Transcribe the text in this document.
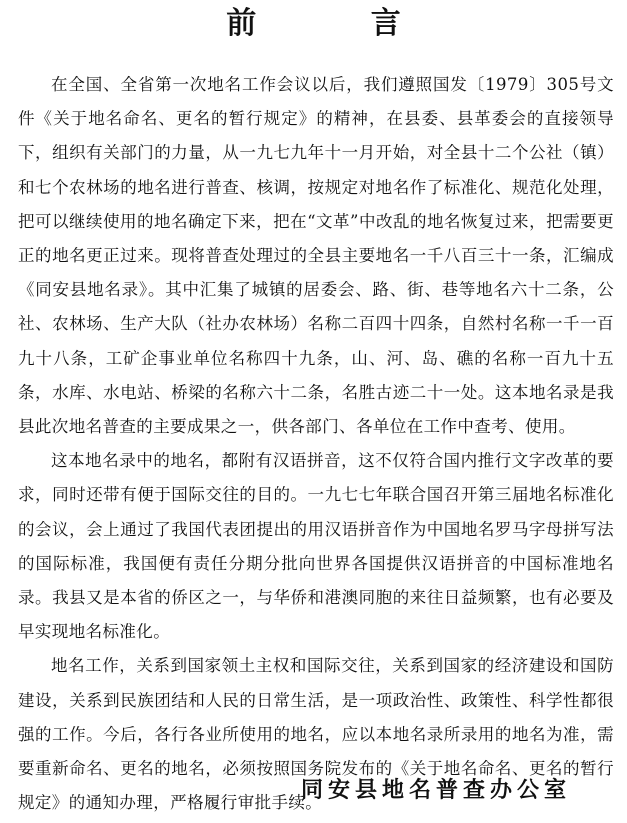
前 言

在全国、全省第一次地名工作会议以后，我们遵照国发〔1979〕305号文件《关于地名命名、更名的暂行规定》的精神，在县委、县革委会的直接领导下，组织有关部门的力量，从一九七九年十一月开始，对全县十二个公社（镇）和七个农林场的地名进行普查、核调，按规定对地名作了标准化、规范化处理，把可以继续使用的地名确定下来，把在“文革”中改乱的地名恢复过来，把需要更正的地名更正过来。现将普查处理过的全县主要地名一千八百三十一条，汇编成《同安县地名录》。其中汇集了城镇的居委会、路、街、巷等地名六十二条，公社、农林场、生产大队（社办农林场）名称二百四十四条，自然村名称一千一百九十八条，工矿企事业单位名称四十九条，山、河、岛、礁的名称一百九十五条，水库、水电站、桥梁的名称六十二条，名胜古迹二十一处。这本地名录是我县此次地名普查的主要成果之一，供各部门、各单位在工作中查考、使用。

这本地名录中的地名，都附有汉语拼音，这不仅符合国内推行文字改革的要求，同时还带有便于国际交往的目的。一九七七年联合国召开第三届地名标准化的会议，会上通过了我国代表团提出的用汉语拼音作为中国地名罗马字母拼写法的国际标准，我国便有责任分期分批向世界各国提供汉语拼音的中国标准地名录。我县又是本省的侨区之一，与华侨和港澳同胞的来往日益频繁，也有必要及早实现地名标准化。

地名工作，关系到国家领土主权和国际交往，关系到国家的经济建设和国防建设，关系到民族团结和人民的日常生活，是一项政治性、政策性、科学性都很强的工作。今后，各行各业所使用的地名，应以本地名录所录用的地名为准，需要重新命名、更名的地名，必须按照国务院发布的《关于地名命名、更名的暂行规定》的通知办理，严格履行审批手续。

同安县地名普查办公室
